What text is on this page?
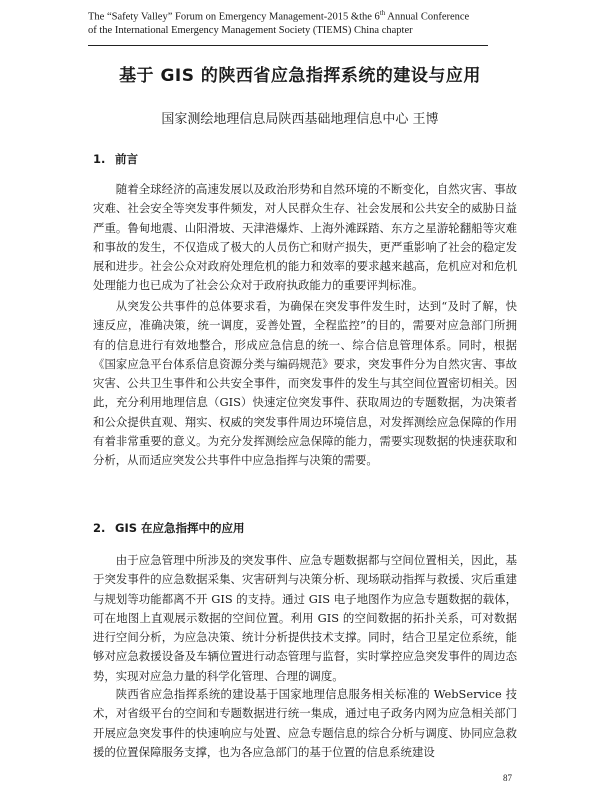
The “Safety Valley” Forum on Emergency Management-2015 &the 6th Annual Conference
of the International Emergency Management Society (TIEMS) China chapter
基于 GIS 的陕西省应急指挥系统的建设与应用
国家测绘地理信息局陕西基础地理信息中心 王博
1. 前言

随着全球经济的高速发展以及政治形势和自然环境的不断变化，自然灾害、事故灾难、社会安全等突发事件频发，对人民群众生存、社会发展和公共安全的威胁日益严重。鲁甸地震、山阳滑坡、天津港爆炸、上海外滩踩踏、东方之星游轮翻船等灾难和事故的发生，不仅造成了极大的人员伤亡和财产损失，更严重影响了社会的稳定发展和进步。社会公众对政府处理危机的能力和效率的要求越来越高，危机应对和危机处理能力也已成为了社会公众对于政府执政能力的重要评判标准。

从突发公共事件的总体要求看，为确保在突发事件发生时，达到“及时了解，快速反应，准确决策，统一调度，妥善处置，全程监控”的目的，需要对应急部门所拥有的信息进行有效地整合，形成应急信息的统一、综合信息管理体系。同时，根据《国家应急平台体系信息资源分类与编码规范》要求，突发事件分为自然灾害、事故灾害、公共卫生事件和公共安全事件，而突发事件的发生与其空间位置密切相关。因此，充分利用地理信息（GIS）快速定位突发事件、获取周边的专题数据，为决策者和公众提供直观、翔实、权威的突发事件周边环境信息，对发挥测绘应急保障的作用有着非常重要的意义。为充分发挥测绘应急保障的能力，需要实现数据的快速获取和分析，从而适应突发公共事件中应急指挥与决策的需要。

2. GIS 在应急指挥中的应用

由于应急管理中所涉及的突发事件、应急专题数据都与空间位置相关，因此，基于突发事件的应急数据采集、灾害研判与决策分析、现场联动指挥与救援、灾后重建与规划等功能都离不开 GIS 的支持。通过 GIS 电子地图作为应急专题数据的载体，可在地图上直观展示数据的空间位置。利用 GIS 的空间数据的拓扑关系，可对数据进行空间分析，为应急决策、统计分析提供技术支撑。同时，结合卫星定位系统，能够对应急救援设备及车辆位置进行动态管理与监督，实时掌控应急突发事件的周边态势，实现对应急力量的科学化管理、合理的调度。

陕西省应急指挥系统的建设基于国家地理信息服务相关标准的 WebService 技术，对省级平台的空间和专题数据进行统一集成，通过电子政务内网为应急相关部门开展应急突发事件的快速响应与处置、应急专题信息的综合分析与调度、协同应急救援的位置保障服务支撑，也为各应急部门的基于位置的信息系统建设

87
